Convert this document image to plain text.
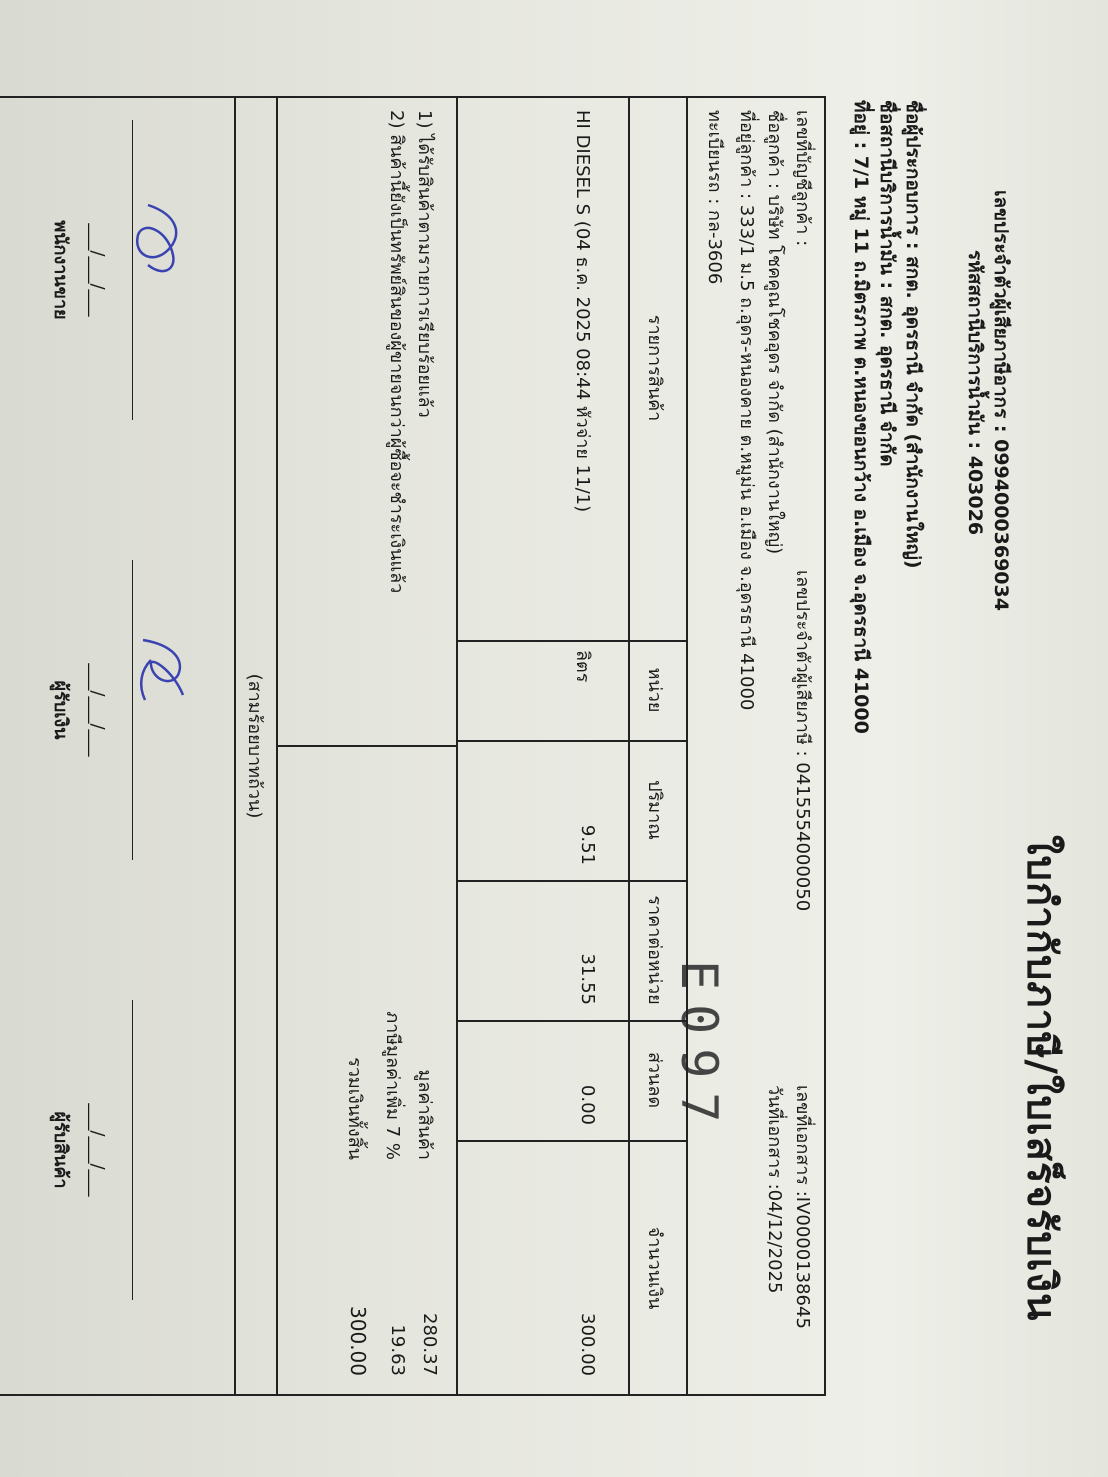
ใบกำกับภาษี/ใบเสร็จรับเงิน
เลขประจำตัวผู้เสียภาษีอากร : 0994000369034
รหัสสถานีบริการน้ำมัน : 403026
ชื่อผู้ประกอบการ : สกต. อุดรธานี จำกัด (สำนักงานใหญ่)
ชื่อสถานีบริการน้ำมัน : สกต. อุดรธานี จำกัด
ที่อยู่ : 7/1 หมู่ 11 ถ.มิตรภาพ ต.หนองขอนกว้าง อ.เมือง จ.อุดรธานี 41000
เลขที่บัญชีลูกค้า :
เลขประจำตัวผู้เสียภาษี : 0415554000050
เลขที่เอกสาร :IV00001386​45
ชื่อลูกค้า : บริษัท โชคคูณโชคอุดร จำกัด (สำนักงานใหญ่)
วันที่เอกสาร :04/12/2025
ที่อยู่ลูกค้า : 333/1 ม.5 ถ.อุดร-หนองคาย ต.หมูม่น อ.เมือง จ.อุดรธานี 41000
ทะเบียนรถ : กล-3606
E097
รายการสินค้า
หน่วย
ปริมาณ
ราคาต่อหน่วย
ส่วนลด
จำนวนเงิน
HI DIESEL S (04 ธ.ค. 2025 08:44 หัวจ่าย 11/1)
ลิตร
9.51
31.55
0.00
300.00
1) ได้รับสินค้าตามรายการเรียบร้อยแล้ว
2) สินค้านี้ยังเป็นทรัพย์สินของผู้ขายจนกว่าผู้ซื้อจะชำระเงินแล้ว
มูลค่าสินค้า
280.37
ภาษีมูลค่าเพิ่ม 7 %
19.63
รวมเงินทั้งสิ้น
300.00
(สามร้อยบาทถ้วน)
___/___/___
___/___/___
___/___/___
พนักงานขาย
ผู้รับเงิน
ผู้รับสินค้า
